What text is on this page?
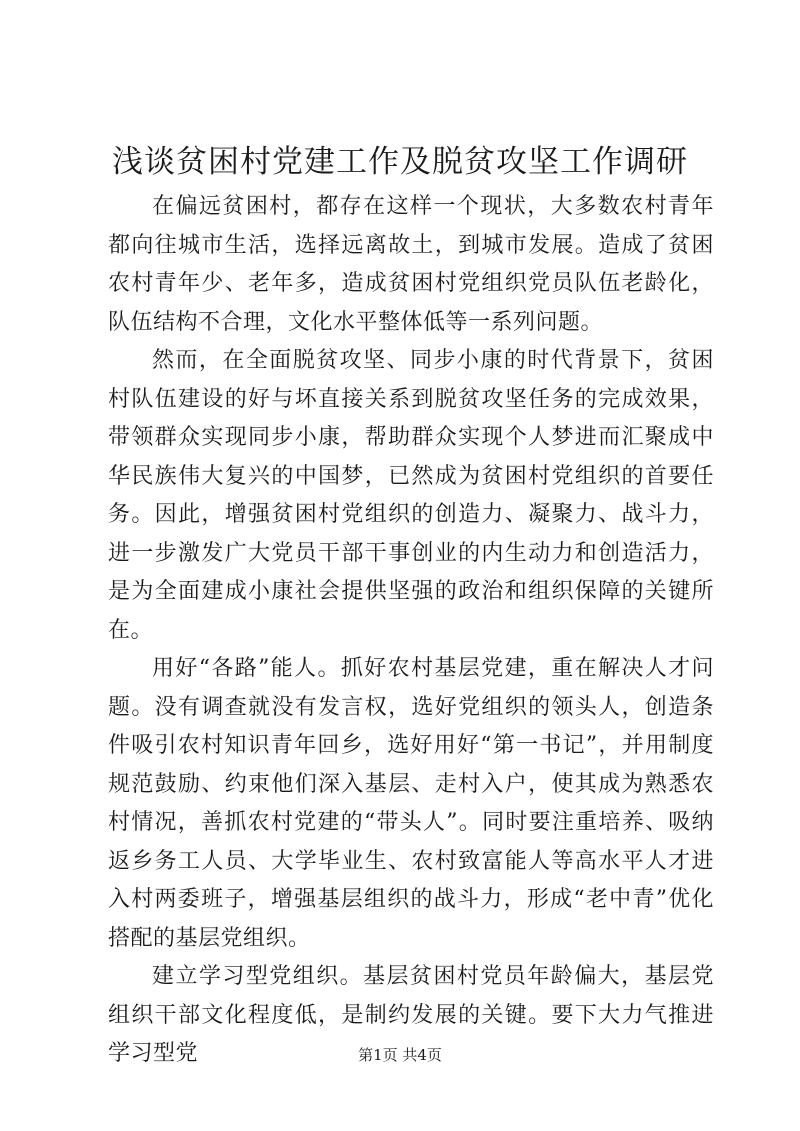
浅谈贫困村党建工作及脱贫攻坚工作调研

在偏远贫困村，都存在这样一个现状，大多数农村青年都向往城市生活，选择远离故土，到城市发展。造成了贫困农村青年少、老年多，造成贫困村党组织党员队伍老龄化，队伍结构不合理，文化水平整体低等一系列问题。

然而，在全面脱贫攻坚、同步小康的时代背景下，贫困村队伍建设的好与坏直接关系到脱贫攻坚任务的完成效果，带领群众实现同步小康，帮助群众实现个人梦进而汇聚成中华民族伟大复兴的中国梦，已然成为贫困村党组织的首要任务。因此，增强贫困村党组织的创造力、凝聚力、战斗力，进一步激发广大党员干部干事创业的内生动力和创造活力，是为全面建成小康社会提供坚强的政治和组织保障的关键所在。

用好“各路”能人。抓好农村基层党建，重在解决人才问题。没有调查就没有发言权，选好党组织的领头人，创造条件吸引农村知识青年回乡，选好用好“第一书记”，并用制度规范鼓励、约束他们深入基层、走村入户，使其成为熟悉农村情况，善抓农村党建的“带头人”。同时要注重培养、吸纳返乡务工人员、大学毕业生、农村致富能人等高水平人才进入村两委班子，增强基层组织的战斗力，形成“老中青”优化搭配的基层党组织。

建立学习型党组织。基层贫困村党员年龄偏大，基层党组织干部文化程度低，是制约发展的关键。要下大力气推进学习型党	第1页 共4页
